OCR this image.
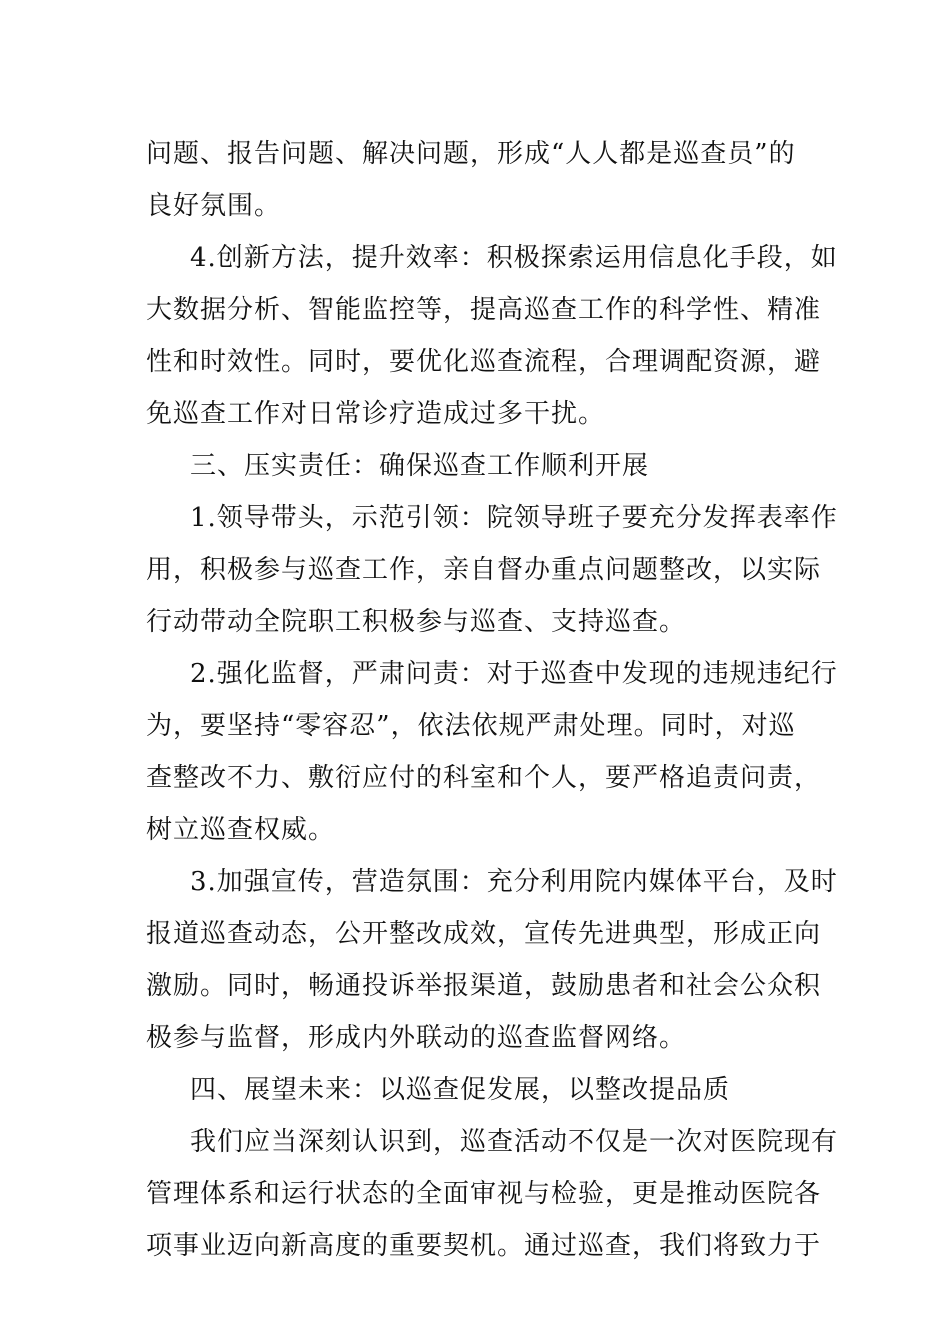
问题、报告问题、解决问题，形成“人人都是巡查员”的
良好氛围。
4.创新方法，提升效率：积极探索运用信息化手段，如
大数据分析、智能监控等，提高巡查工作的科学性、精准
性和时效性。同时，要优化巡查流程，合理调配资源，避
免巡查工作对日常诊疗造成过多干扰。
三、压实责任：确保巡查工作顺利开展
1.领导带头，示范引领：院领导班子要充分发挥表率作
用，积极参与巡查工作，亲自督办重点问题整改，以实际
行动带动全院职工积极参与巡查、支持巡查。
2.强化监督，严肃问责：对于巡查中发现的违规违纪行
为，要坚持“零容忍”，依法依规严肃处理。同时，对巡
查整改不力、敷衍应付的科室和个人，要严格追责问责，
树立巡查权威。
3.加强宣传，营造氛围：充分利用院内媒体平台，及时
报道巡查动态，公开整改成效，宣传先进典型，形成正向
激励。同时，畅通投诉举报渠道，鼓励患者和社会公众积
极参与监督，形成内外联动的巡查监督网络。
四、展望未来：以巡查促发展，以整改提品质
我们应当深刻认识到，巡查活动不仅是一次对医院现有
管理体系和运行状态的全面审视与检验，更是推动医院各
项事业迈向新高度的重要契机。通过巡查，我们将致力于
